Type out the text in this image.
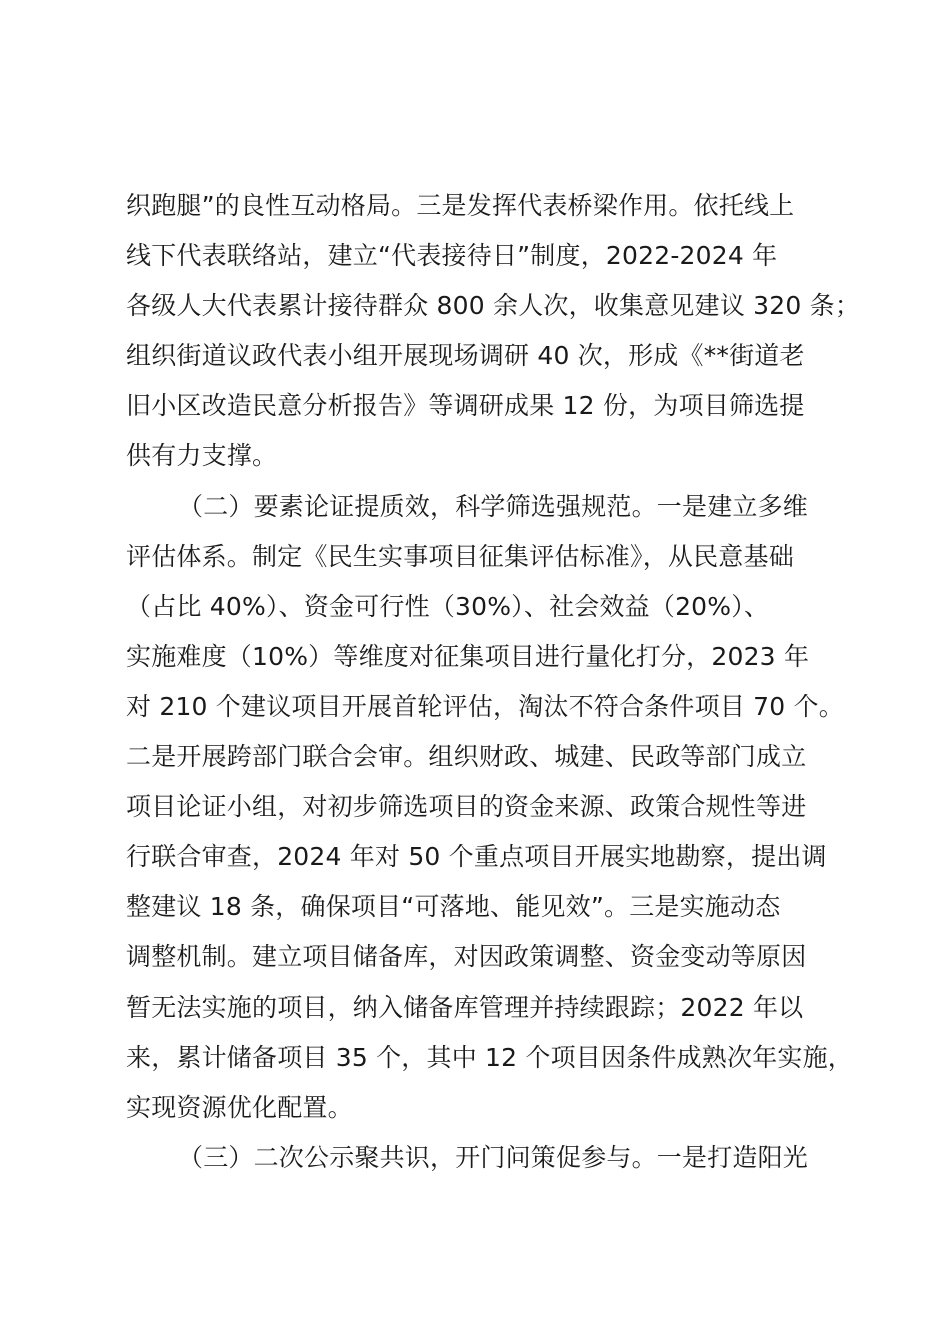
织跑腿”的良性互动格局。三是发挥代表桥梁作用。依托线上
线下代表联络站，建立“代表接待日”制度，2022-2024 年
各级人大代表累计接待群众 800 余人次，收集意见建议 320 条；
组织街道议政代表小组开展现场调研 40 次，形成《**街道老
旧小区改造民意分析报告》等调研成果 12 份，为项目筛选提
供有力支撑。
（二）要素论证提质效，科学筛选强规范。一是建立多维
评估体系。制定《民生实事项目征集评估标准》，从民意基础
（占比 40%）、资金可行性（30%）、社会效益（20%）、
实施难度（10%）等维度对征集项目进行量化打分，2023 年
对 210 个建议项目开展首轮评估，淘汰不符合条件项目 70 个。
二是开展跨部门联合会审。组织财政、城建、民政等部门成立
项目论证小组，对初步筛选项目的资金来源、政策合规性等进
行联合审查，2024 年对 50 个重点项目开展实地勘察，提出调
整建议 18 条，确保项目“可落地、能见效”。三是实施动态
调整机制。建立项目储备库，对因政策调整、资金变动等原因
暂无法实施的项目，纳入储备库管理并持续跟踪；2022 年以
来，累计储备项目 35 个，其中 12 个项目因条件成熟次年实施，
实现资源优化配置。
（三）二次公示聚共识，开门问策促参与。一是打造阳光
